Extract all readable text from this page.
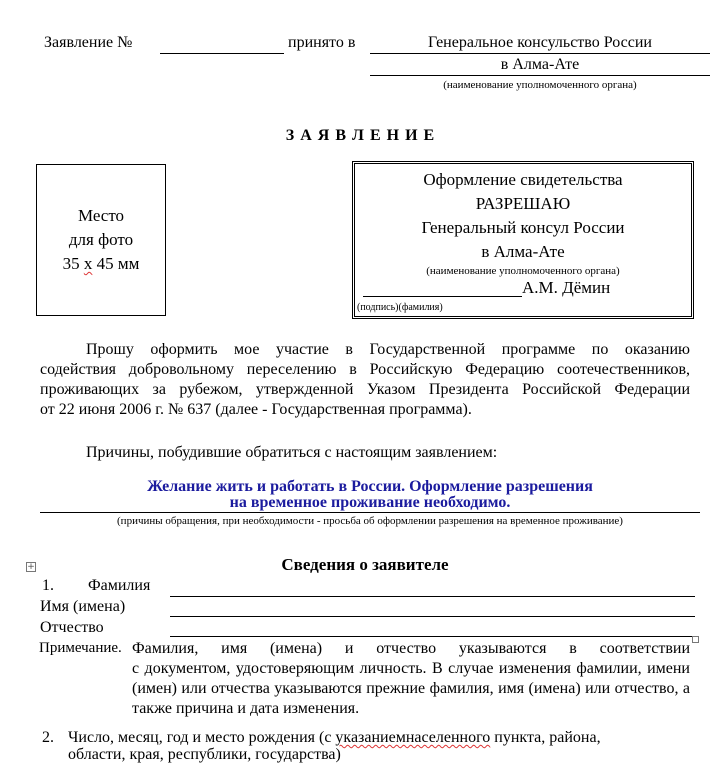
Заявление №	принято в	Генеральное консульство России
в Алма-Ате
(наименование уполномоченного органа)
З А Я В Л Е Н И Е
Место
для фото
35 х 45 мм
Оформление свидетельства
РАЗРЕШАЮ
Генеральный консул России
в Алма-Ате
(наименование уполномоченного органа)
А.М. Дёмин
(подпись)(фамилия)
Прошу оформить мое участие в Государственной программе по оказанию
содействия добровольному переселению в Российскую Федерацию соотечественников,
проживающих за рубежом, утвержденной Указом Президента Российской Федерации
от 22 июня 2006 г. № 637 (далее - Государственная программа).
Причины, побудившие обратиться с настоящим заявлением:
Желание жить и работать в России. Оформление разрешения
на временное проживание необходимо.
(причины обращения, при необходимости - просьба об оформлении разрешения на временное проживание)
+	Сведения о заявителе
1. Фамилия
Имя (имена)
Отчество
Примечание. Фамилия, имя (имена) и отчество указываются в соответствии
с документом, удостоверяющим личность. В случае изменения фамилии, имени
(имен) или отчества указываются прежние фамилия, имя (имена) или отчество, а
также причина и дата изменения.
2. Число, месяц, год и место рождения (с указаниемнаселенного пункта, района,
области, края, республики, государства)
